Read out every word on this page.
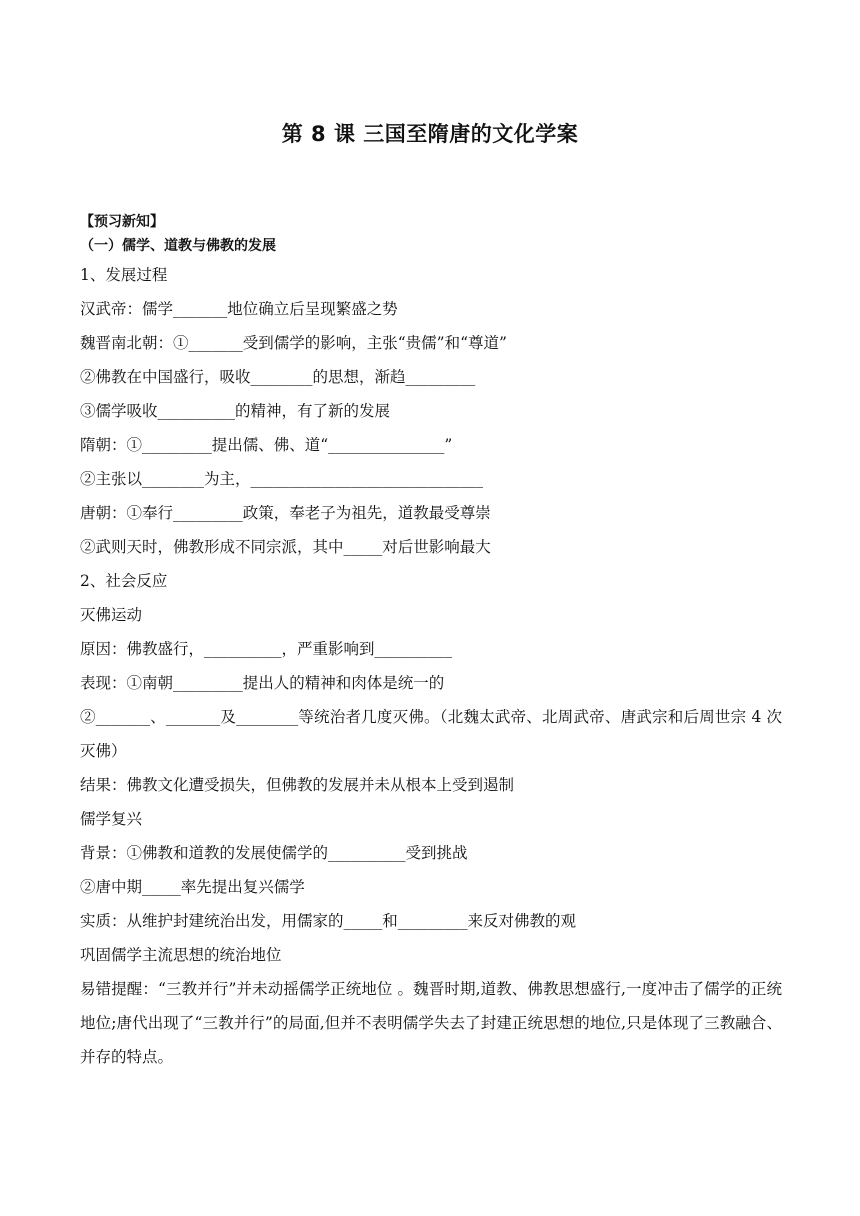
第 8 课 三国至隋唐的文化学案

【预习新知】

（一）儒学、道教与佛教的发展

1、发展过程

汉武帝：儒学_______地位确立后呈现繁盛之势

魏晋南北朝：①_______受到儒学的影响，主张“贵儒”和“尊道”

②佛教在中国盛行，吸收________的思想，渐趋_________

③儒学吸收__________的精神，有了新的发展

隋朝：①_________提出儒、佛、道“_______________”

②主张以________为主，______________________________

唐朝：①奉行_________政策，奉老子为祖先，道教最受尊崇

②武则天时，佛教形成不同宗派，其中_____对后世影响最大

2、社会反应

灭佛运动

原因：佛教盛行，__________，严重影响到__________

表现：①南朝_________提出人的精神和肉体是统一的

②_______、_______及________等统治者几度灭佛。（北魏太武帝、北周武帝、唐武宗和后周世宗 4 次灭佛）

结果：佛教文化遭受损失，但佛教的发展并未从根本上受到遏制

儒学复兴

背景：①佛教和道教的发展使儒学的__________受到挑战

②唐中期_____率先提出复兴儒学

实质：从维护封建统治出发，用儒家的_____和_________来反对佛教的观

巩固儒学主流思想的统治地位

易错提醒：“三教并行”并未动摇儒学正统地位 。魏晋时期,道教、佛教思想盛行,一度冲击了儒学的正统地位;唐代出现了“三教并行”的局面,但并不表明儒学失去了封建正统思想的地位,只是体现了三教融合、并存的特点。
